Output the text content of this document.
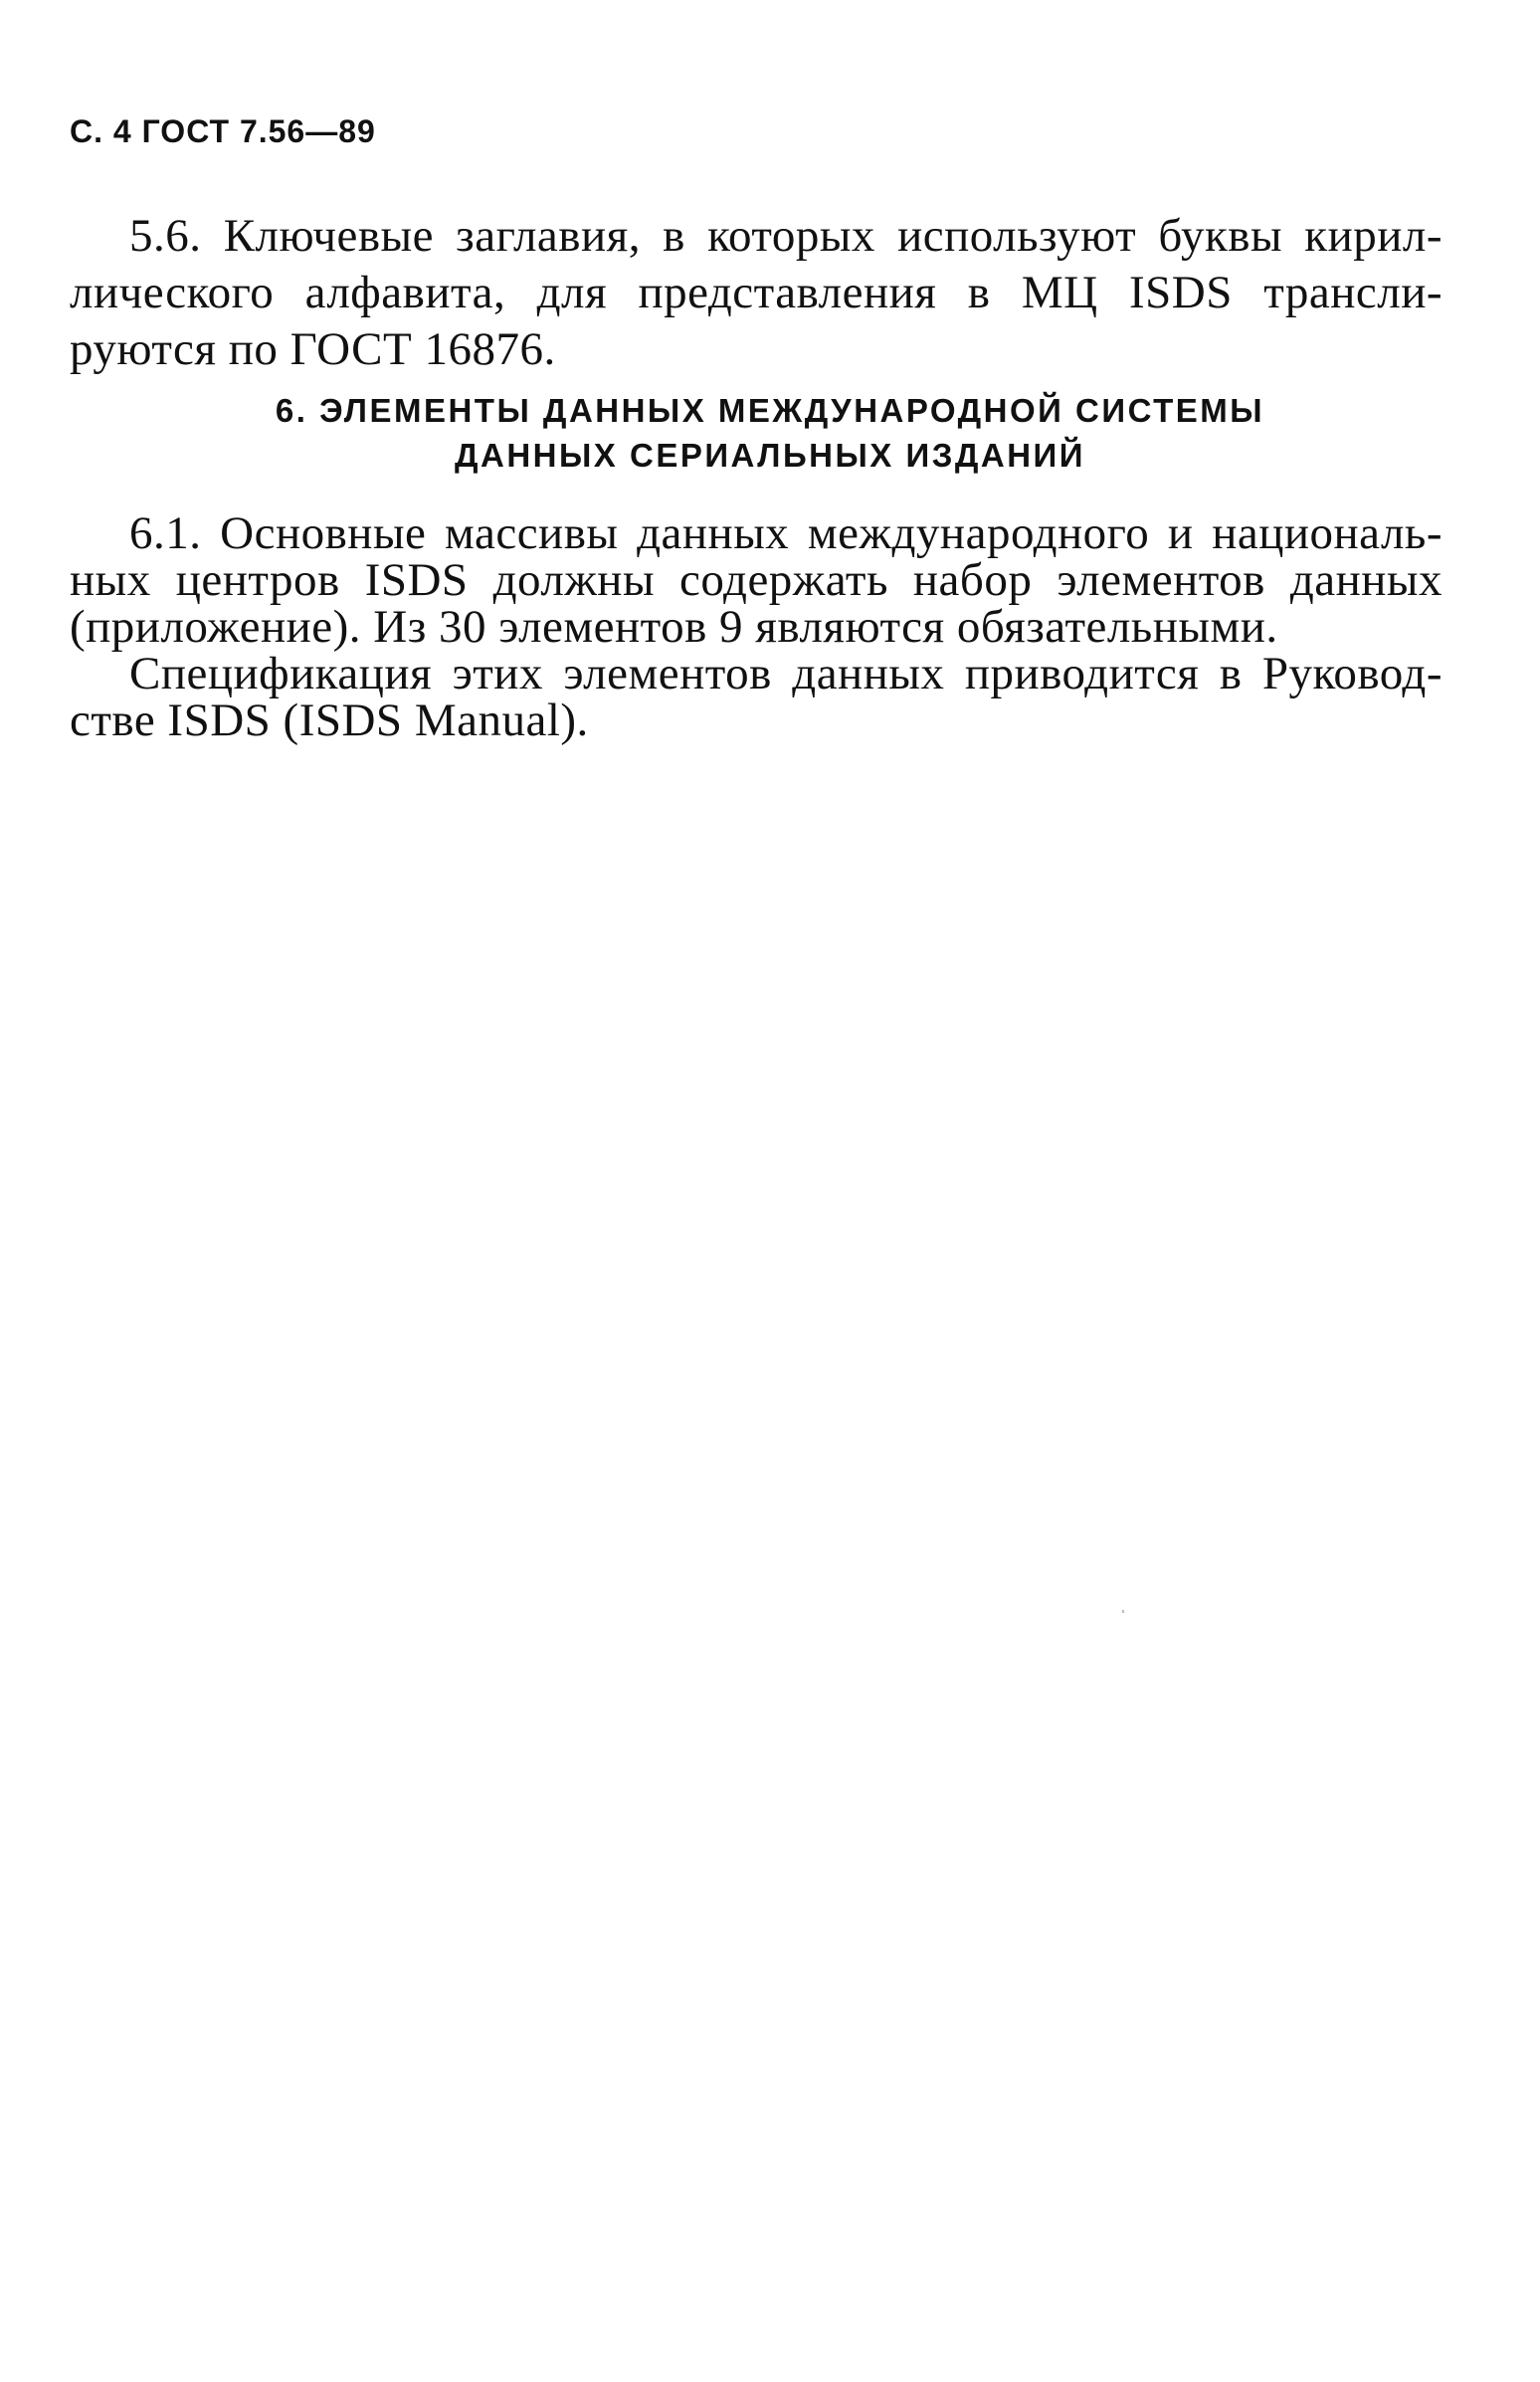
С. 4 ГОСТ 7.56—89
5.6. Ключевые заглавия, в которых используют буквы кирил-
лического алфавита, для представления в МЦ ISDS трансли-
руются по ГОСТ 16876.
6. ЭЛЕМЕНТЫ ДАННЫХ МЕЖДУНАРОДНОЙ СИСТЕМЫ
ДАННЫХ СЕРИАЛЬНЫХ ИЗДАНИЙ
6.1. Основные массивы данных международного и националь-
ных центров ISDS должны содержать набор элементов данных
(приложение). Из 30 элементов 9 являются обязательными.
Спецификация этих элементов данных приводится в Руковод-
стве ISDS (ISDS Manual).
